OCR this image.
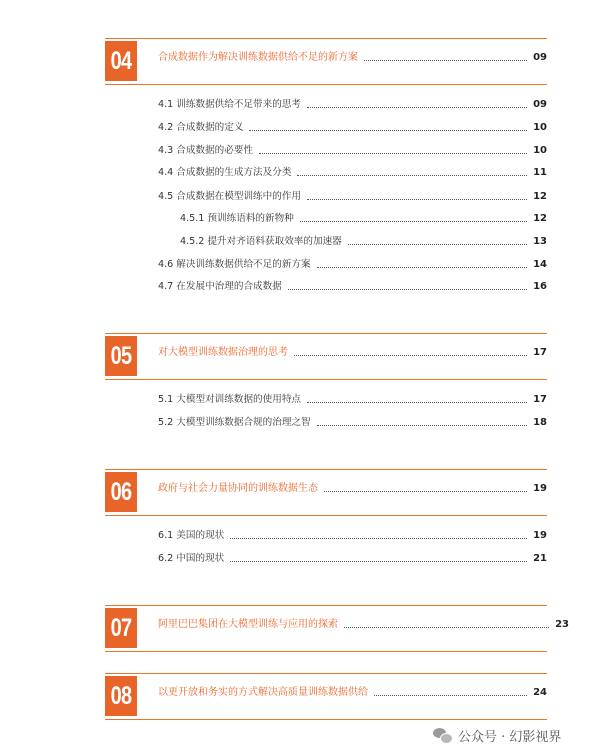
04	合成数据作为解决训练数据供给不足的新方案	09
4.1 训练数据供给不足带来的思考	09
4.2 合成数据的定义	10
4.3 合成数据的必要性	10
4.4 合成数据的生成方法及分类	11
4.5 合成数据在模型训练中的作用	12
4.5.1 预训练语料的新物种	12
4.5.2 提升对齐语料获取效率的加速器	13
4.6 解决训练数据供给不足的新方案	14
4.7 在发展中治理的合成数据	16
05	对大模型训练数据治理的思考	17
5.1 大模型对训练数据的使用特点	17
5.2 大模型训练数据合规的治理之智	18
06	政府与社会力量协同的训练数据生态	19
6.1 美国的现状	19
6.2 中国的现状	21
07	阿里巴巴集团在大模型训练与应用的探索	23
08	以更开放和务实的方式解决高质量训练数据供给	24
公众号 · 幻影视界
